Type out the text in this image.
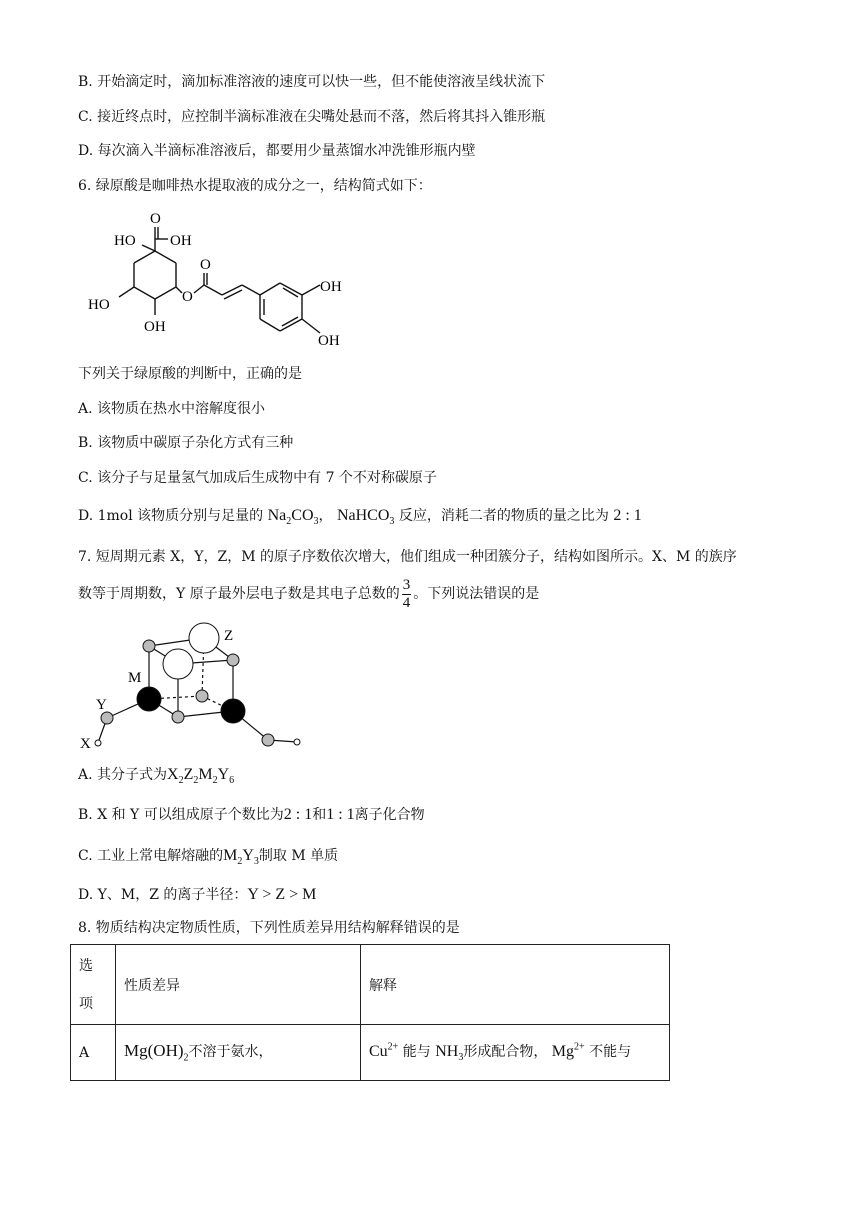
B. 开始滴定时，滴加标准溶液的速度可以快一些，但不能使溶液呈线状流下
C. 接近终点时，应控制半滴标准液在尖嘴处悬而不落，然后将其抖入锥形瓶
D. 每次滴入半滴标准溶液后，都要用少量蒸馏水冲洗锥形瓶内壁
6. 绿原酸是咖啡热水提取液的成分之一，结构简式如下：
O
HO OH
O
HO	O
OH
OH
OH
下列关于绿原酸的判断中，正确的是
A. 该物质在热水中溶解度很小
B. 该物质中碳原子杂化方式有三种
C. 该分子与足量氢气加成后生成物中有 7 个不对称碳原子
D. 1mol 该物质分别与足量的 $Na_2CO_3$， NaHCO$_3$ 反应，消耗二者的物质的量之比为 2 : 1
7. 短周期元素 X，Y，Z，M 的原子序数依次增大，他们组成一种团簇分子，结构如图所示。X、M 的族序
数等于周期数，Y 原子最外层电子数是其电子总数的 $\frac{3}{4}$ 。下列说法错误的是
Z
M
Y
X
A. 其分子式为$X_2Z_2M_2Y_6$
B. X 和 Y 可以组成原子个数比为2 : 1和1 : 1离子化合物
C. 工业上常电解熔融的$M_2Y_3$制取 M 单质
D. Y、M，Z 的离子半径：Y > Z > M
8. 物质结构决定物质性质，下列性质差异用结构解释错误的是
选
项	性质差异	解释
A	$Mg(OH)_2$不溶于氨水，	$Cu^{2+}$ 能与 $NH_3$形成配合物， $Mg^{2+}$ 不能与
